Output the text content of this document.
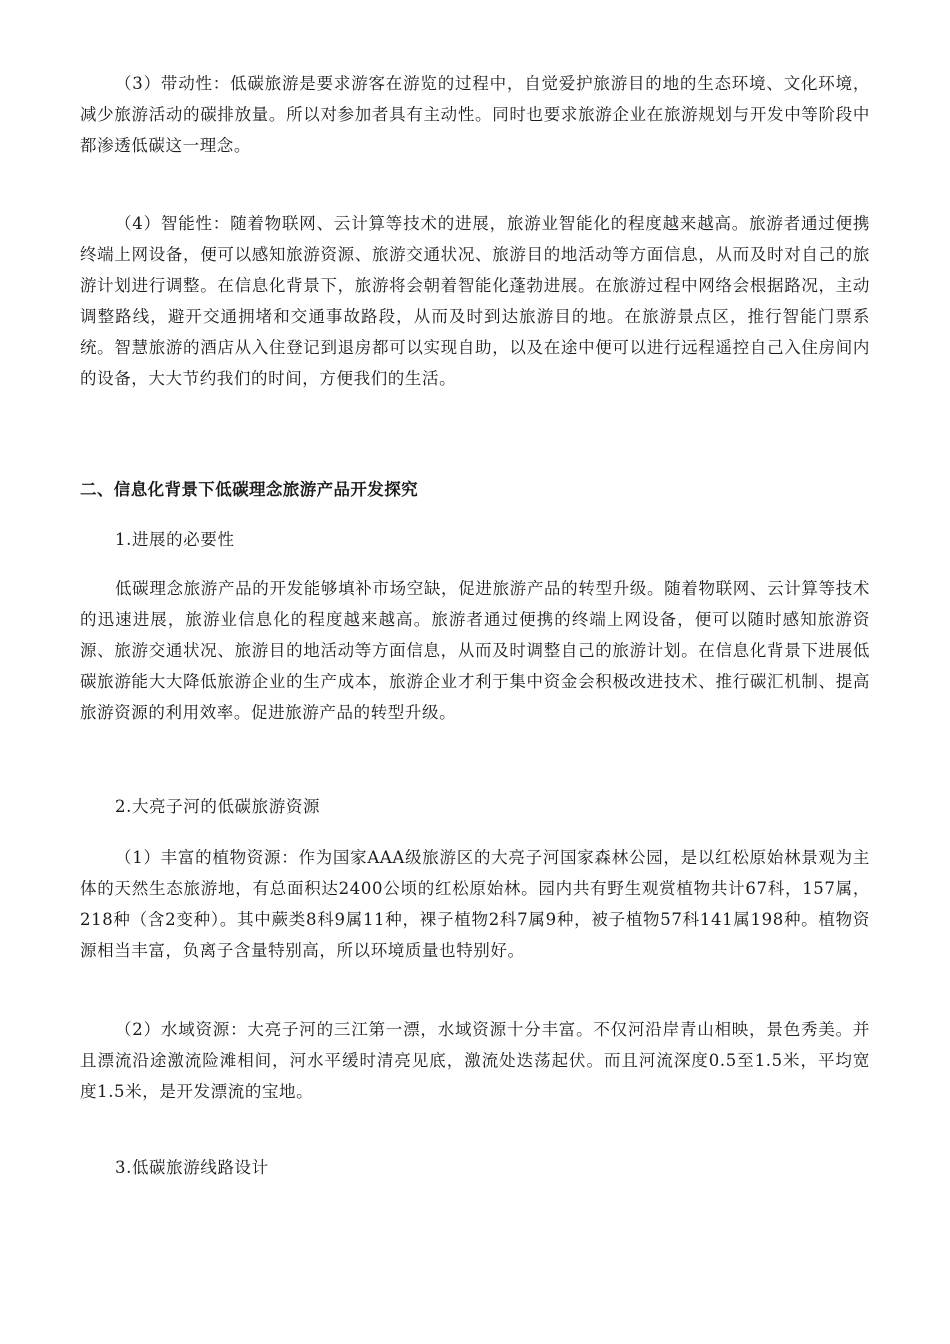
（3）带动性：低碳旅游是要求游客在游览的过程中，自觉爱护旅游目的地的生态环境、文化环境，减少旅游活动的碳排放量。所以对参加者具有主动性。同时也要求旅游企业在旅游规划与开发中等阶段中都渗透低碳这一理念。

（4）智能性：随着物联网、云计算等技术的进展，旅游业智能化的程度越来越高。旅游者通过便携终端上网设备，便可以感知旅游资源、旅游交通状况、旅游目的地活动等方面信息，从而及时对自己的旅游计划进行调整。在信息化背景下，旅游将会朝着智能化蓬勃进展。在旅游过程中网络会根据路况，主动调整路线，避开交通拥堵和交通事故路段，从而及时到达旅游目的地。在旅游景点区，推行智能门票系统。智慧旅游的酒店从入住登记到退房都可以实现自助，以及在途中便可以进行远程遥控自己入住房间内的设备，大大节约我们的时间，方便我们的生活。

二、信息化背景下低碳理念旅游产品开发探究
1.进展的必要性

低碳理念旅游产品的开发能够填补市场空缺，促进旅游产品的转型升级。随着物联网、云计算等技术的迅速进展，旅游业信息化的程度越来越高。旅游者通过便携的终端上网设备，便可以随时感知旅游资源、旅游交通状况、旅游目的地活动等方面信息，从而及时调整自己的旅游计划。在信息化背景下进展低碳旅游能大大降低旅游企业的生产成本，旅游企业才利于集中资金会积极改进技术、推行碳汇机制、提高旅游资源的利用效率。促进旅游产品的转型升级。

2.大亮子河的低碳旅游资源

（1）丰富的植物资源：作为国家AAA级旅游区的大亮子河国家森林公园，是以红松原始林景观为主体的天然生态旅游地，有总面积达2400公顷的红松原始林。园内共有野生观赏植物共计67科，157属，218种（含2变种）。其中蕨类8科9属11种，裸子植物2科7属9种，被子植物57科141属198种。植物资源相当丰富，负离子含量特别高，所以环境质量也特别好。

（2）水域资源：大亮子河的三江第一漂，水域资源十分丰富。不仅河沿岸青山相映，景色秀美。并且漂流沿途激流险滩相间，河水平缓时清亮见底，激流处迭荡起伏。而且河流深度0.5至1.5米，平均宽度1.5米，是开发漂流的宝地。

3.低碳旅游线路设计
